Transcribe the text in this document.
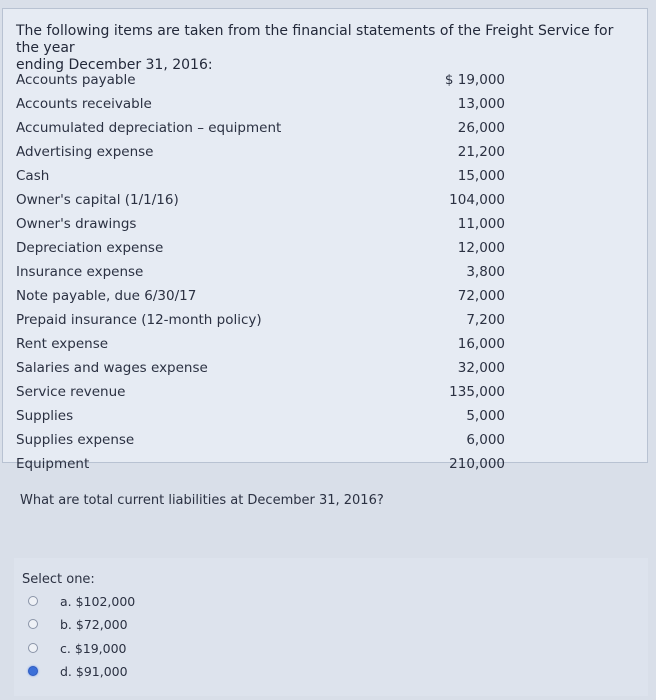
The following items are taken from the financial statements of the Freight Service for the year
ending December 31, 2016:
Accounts payable	$ 19,000
Accounts receivable	13,000
Accumulated depreciation – equipment	26,000
Advertising expense	21,200
Cash	15,000
Owner's capital (1/1/16)	104,000
Owner's drawings	11,000
Depreciation expense	12,000
Insurance expense	3,800
Note payable, due 6/30/17	72,000
Prepaid insurance (12-month policy)	7,200
Rent expense	16,000
Salaries and wages expense	32,000
Service revenue	135,000
Supplies	5,000
Supplies expense	6,000
Equipment	210,000
What are total current liabilities at December 31, 2016?
Select one:
a. $102,000
b. $72,000
c. $19,000
d. $91,000
